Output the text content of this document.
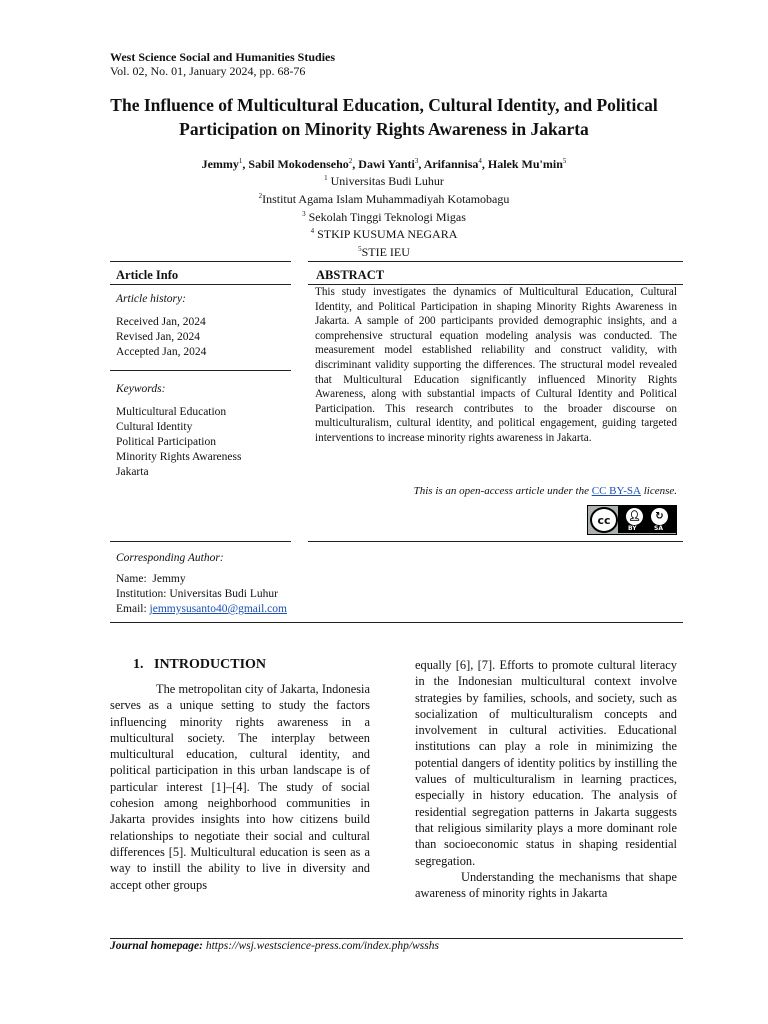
West Science Social and Humanities Studies
Vol. 02, No. 01, January 2024, pp. 68-76
The Influence of Multicultural Education, Cultural Identity, and Political Participation on Minority Rights Awareness in Jakarta
Jemmy$^1$, Sabil Mokodenseho$^2$, Dawi Yanti$^3$, Arifannisa$^4$, Halek $Mu'\min^5$
$^1$ Universitas Budi Luhur
$^2$Institut Agama Islam Muhammadiyah Kotamobagu
$^3$ Sekolah Tinggi Teknologi Migas
$^4$ STKIP KUSUMA NEGARA
$^5$STIE IEU
Article Info
Article history:
Received Jan, 2024
Revised Jan, 2024
Accepted Jan, 2024
Keywords:
Multicultural Education
Cultural Identity
Political Participation
Minority Rights Awareness
Jakarta
ABSTRACT
This study investigates the dynamics of Multicultural Education, Cultural Identity, and Political Participation in shaping Minority Rights Awareness in Jakarta. A sample of 200 participants provided demographic insights, and a comprehensive structural equation modeling analysis was conducted. The measurement model established reliability and construct validity, with discriminant validity supporting the differences. The structural model revealed that Multicultural Education significantly influenced Minority Rights Awareness, along with substantial impacts of Cultural Identity and Political Participation. This research contributes to the broader discourse on multiculturalism, cultural identity, and political engagement, guiding targeted interventions to increase minority rights awareness in Jakarta.
This is an open-access article under the CC BY-SA license.
cc	👤︎	↻
BY	SA
Corresponding Author:
Name: Jemmy
Institution: Universitas Budi Luhur
Email: jemmysusanto40@gmail.com
1.   INTRODUCTION
The metropolitan city of Jakarta, Indonesia serves as a unique setting to study the factors influencing minority rights awareness in a multicultural society. The interplay between multicultural education, cultural identity, and political participation in this urban landscape is of particular interest [1]–[4]. The study of social cohesion among neighborhood communities in Jakarta provides insights into how citizens build relationships to negotiate their social and cultural differences [5]. Multicultural education is seen as a way to instill the ability to live in diversity and accept other groups
equally [6], [7]. Efforts to promote cultural literacy in the Indonesian multicultural context involve strategies by families, schools, and society, such as socialization of multiculturalism concepts and involvement in cultural activities. Educational institutions can play a role in minimizing the potential dangers of identity politics by instilling the values of multiculturalism in learning practices, especially in history education. The analysis of residential segregation patterns in Jakarta suggests that religious similarity plays a more dominant role than socioeconomic status in shaping residential segregation.
Understanding the mechanisms that shape awareness of minority rights in Jakarta
Journal homepage: https://wsj.westscience-press.com/index.php/wsshs
